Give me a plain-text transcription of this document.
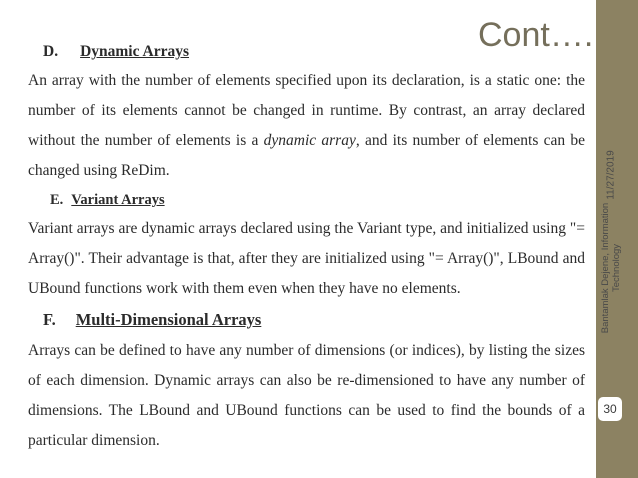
Cont….

D. Dynamic Arrays

An array with the number of elements specified upon its declaration, is a static one: the number of its elements cannot be changed in runtime. By contrast, an array declared without the number of elements is a dynamic array, and its number of elements can be changed using ReDim.

E. Variant Arrays

Variant arrays are dynamic arrays declared using the Variant type, and initialized using "= Array()". Their advantage is that, after they are initialized using "= Array()", LBound and UBound functions work with them even when they have no elements.

F. Multi-Dimensional Arrays

Arrays can be defined to have any number of dimensions (or indices), by listing the sizes of each dimension. Dynamic arrays can also be re-dimensioned to have any number of dimensions. The LBound and UBound functions can be used to find the bounds of a particular dimension.

11/27/2019
Bantamlak Dejene, Information Technology
30
